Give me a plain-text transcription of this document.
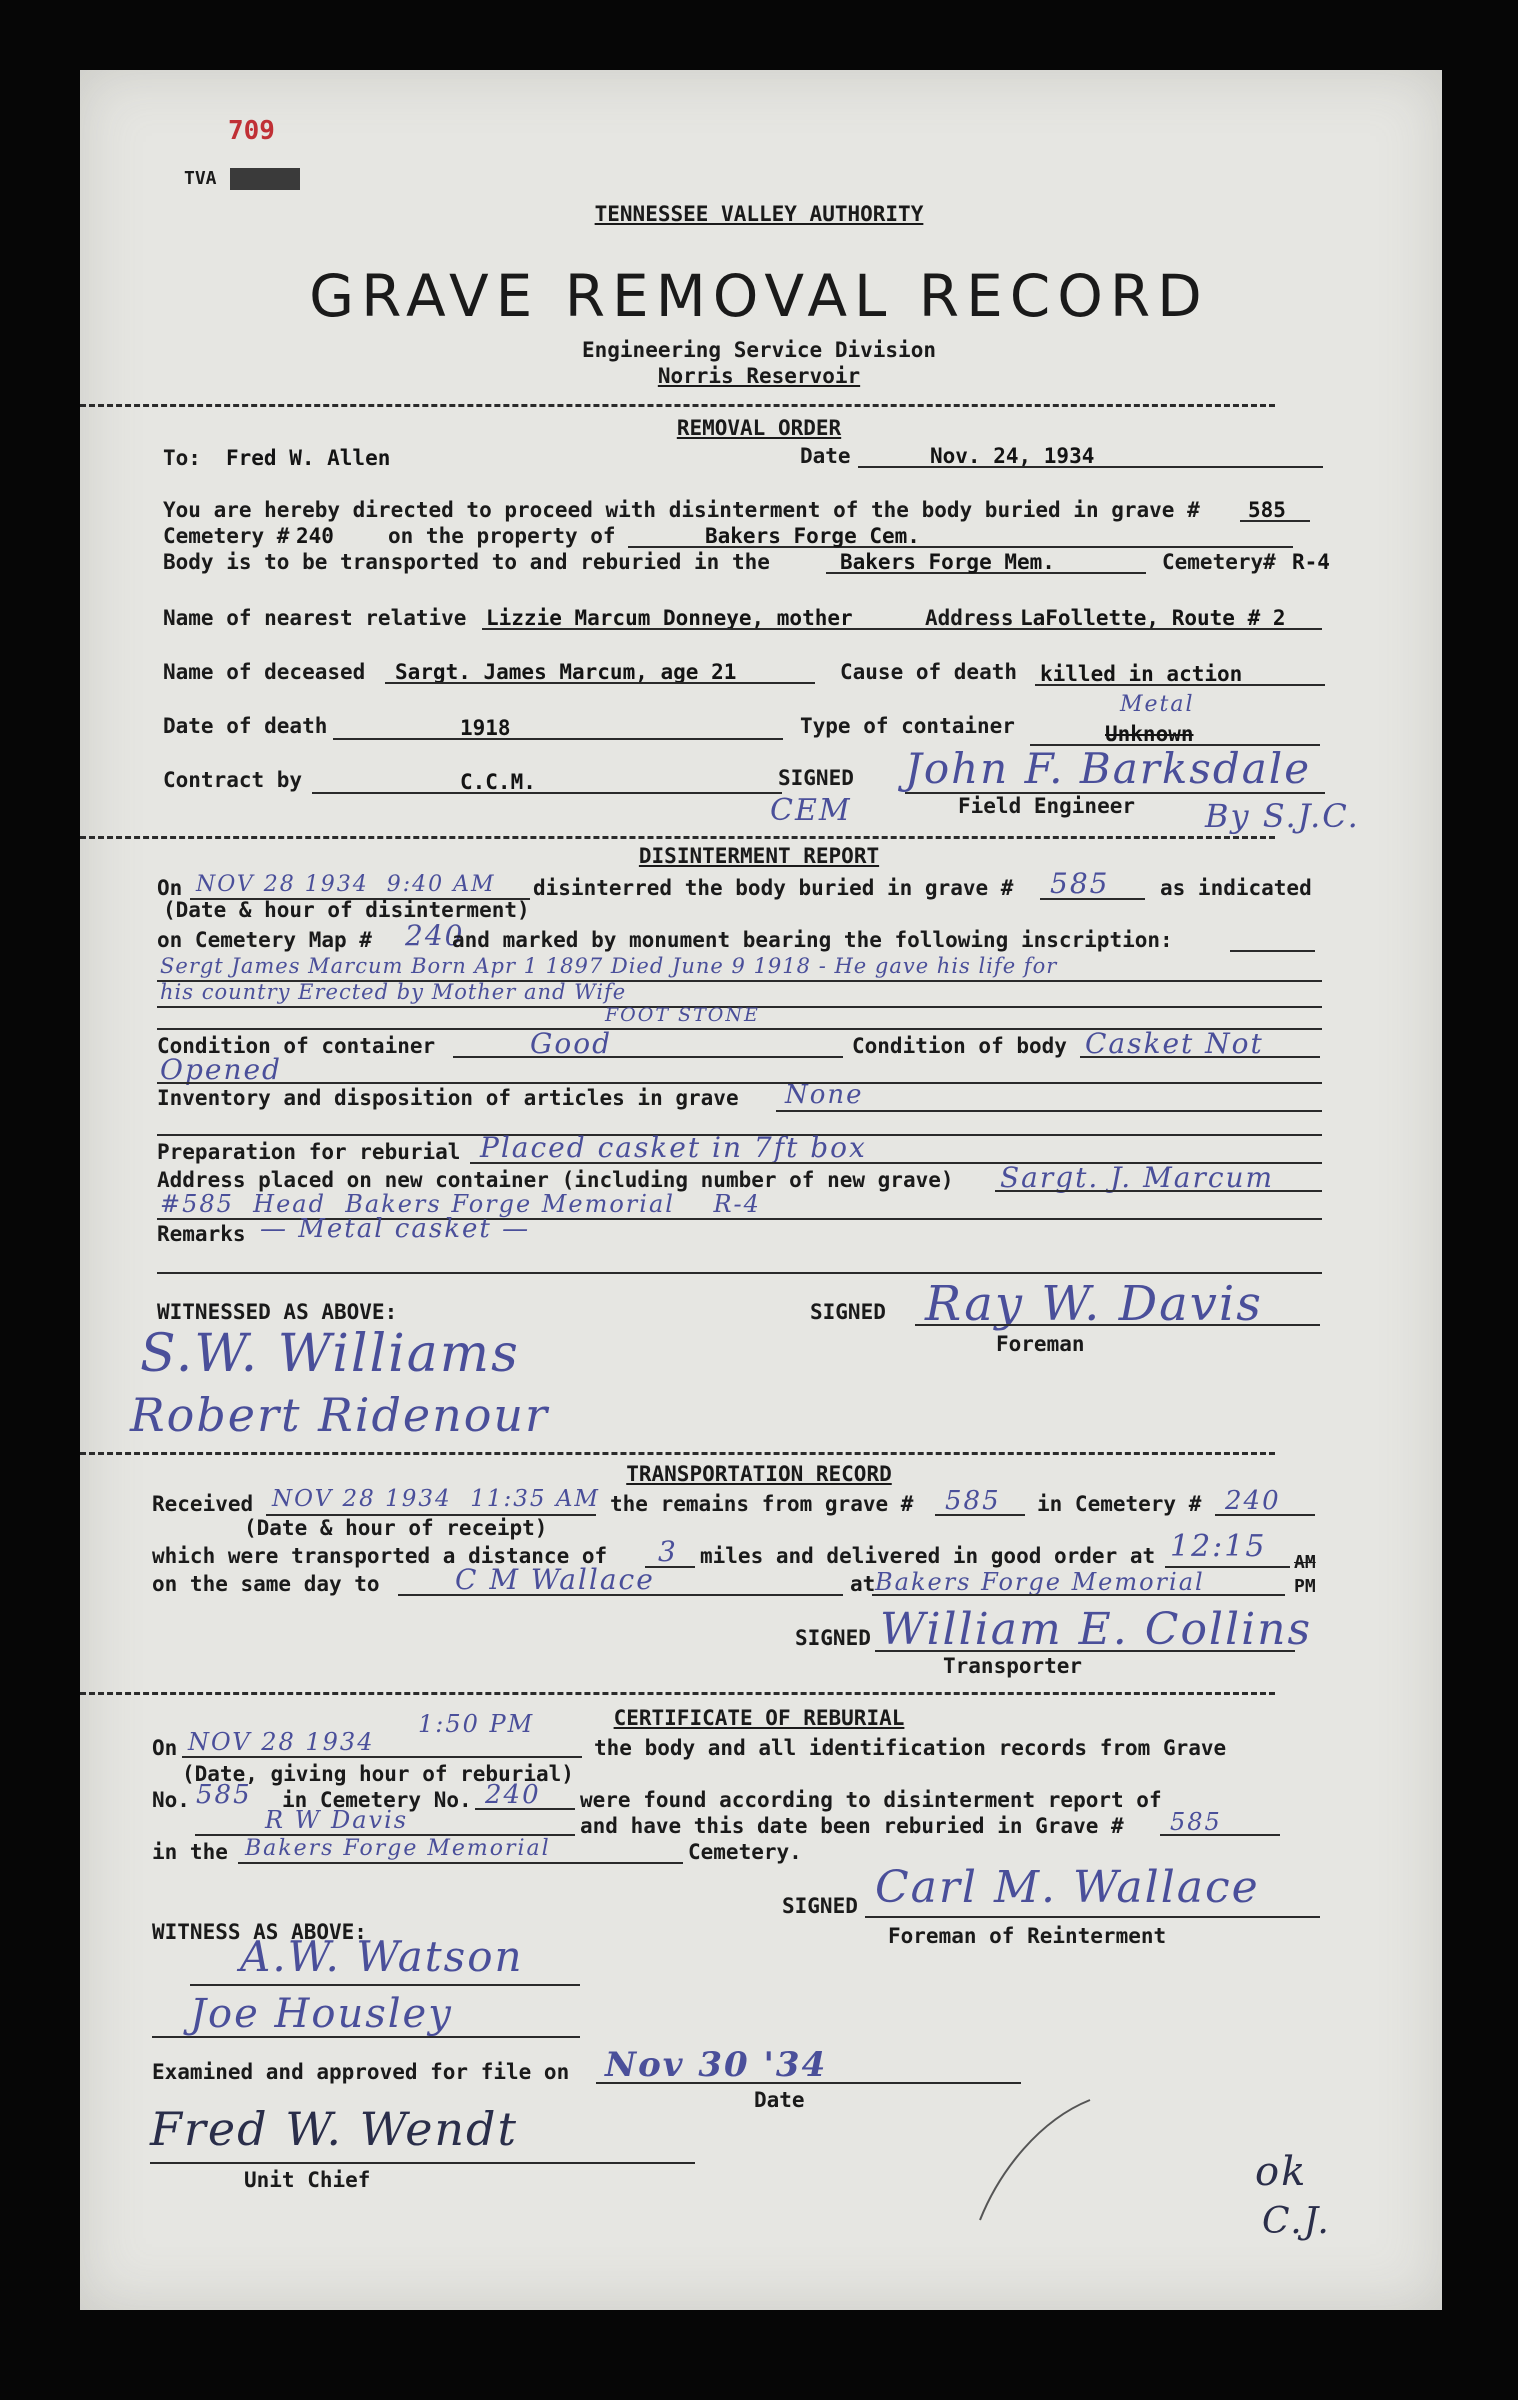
709
TVA
TENNESSEE VALLEY AUTHORITY
GRAVE REMOVAL RECORD
Engineering Service Division
Norris Reservoir
REMOVAL ORDER
To: Fred W. Allen	Date	Nov. 24, 1934
You are hereby directed to proceed with disinterment of the body buried in grave # 585
Cemetery # 240	on the property of	Bakers Forge Cem.
Body is to be transported to and reburied in the	Bakers Forge Mem.	Cemetery# R-4
Name of nearest relative Lizzie Marcum Donneye, mother	Address LaFollette, Route # 2
Name of deceased Sargt. James Marcum, age 21	Cause of death killed in action
Date of death	1918	Type of container
Metal
Unknown
Contract by	C.C.M.	SIGNED John F. Barksdale
CEM	Field Engineer By S.J.C.
DISINTERMENT REPORT
On NOV 28 1934  9:40 AM disinterred the body buried in grave # 585 as indicated
(Date & hour of disinterment)
on Cemetery Map # 240
and marked by monument bearing the following inscription:
Sergt James Marcum Born Apr 1 1897 Died June 9 1918 - He gave his life for
his country Erected by Mother and Wife
FOOT STONE
Condition of container	Good	Condition of body Casket Not
Opened
Inventory and disposition of articles in grave None
Preparation for reburial Placed casket in 7ft box
Address placed on new container (including number of new grave) Sargt. J. Marcum
#585  Head  Bakers Forge Memorial    R-4
Remarks — Metal casket —
WITNESSED AS ABOVE:
S.W. Williams
Robert Ridenour
SIGNED Ray W. Davis
Foreman
TRANSPORTATION RECORD
Received NOV 28 1934  11:35 AM the remains from grave # 585 in Cemetery # 240
(Date & hour of receipt)
which were transported a distance of 3 miles and delivered in good order at 12:15 AM
PM
on the same day to	C M Wallace	at Bakers Forge Memorial
SIGNED William E. Collins
Transporter
CERTIFICATE OF REBURIAL
On NOV 28 1934
1:50 PM
the body and all identification records from Grave
(Date, giving hour of reburial)
No. 585 in Cemetery No. 240 were found according to disinterment report of
R W Davis	and have this date been reburied in Grave # 585
in the Bakers Forge Memorial	Cemetery.
SIGNED Carl M. Wallace
Foreman of Reinterment
WITNESS AS ABOVE:
A.W. Watson
Joe Housley
Examined and approved for file on Nov 30 '34
Date
Fred W. Wendt
Unit Chief	ok
C.J.
